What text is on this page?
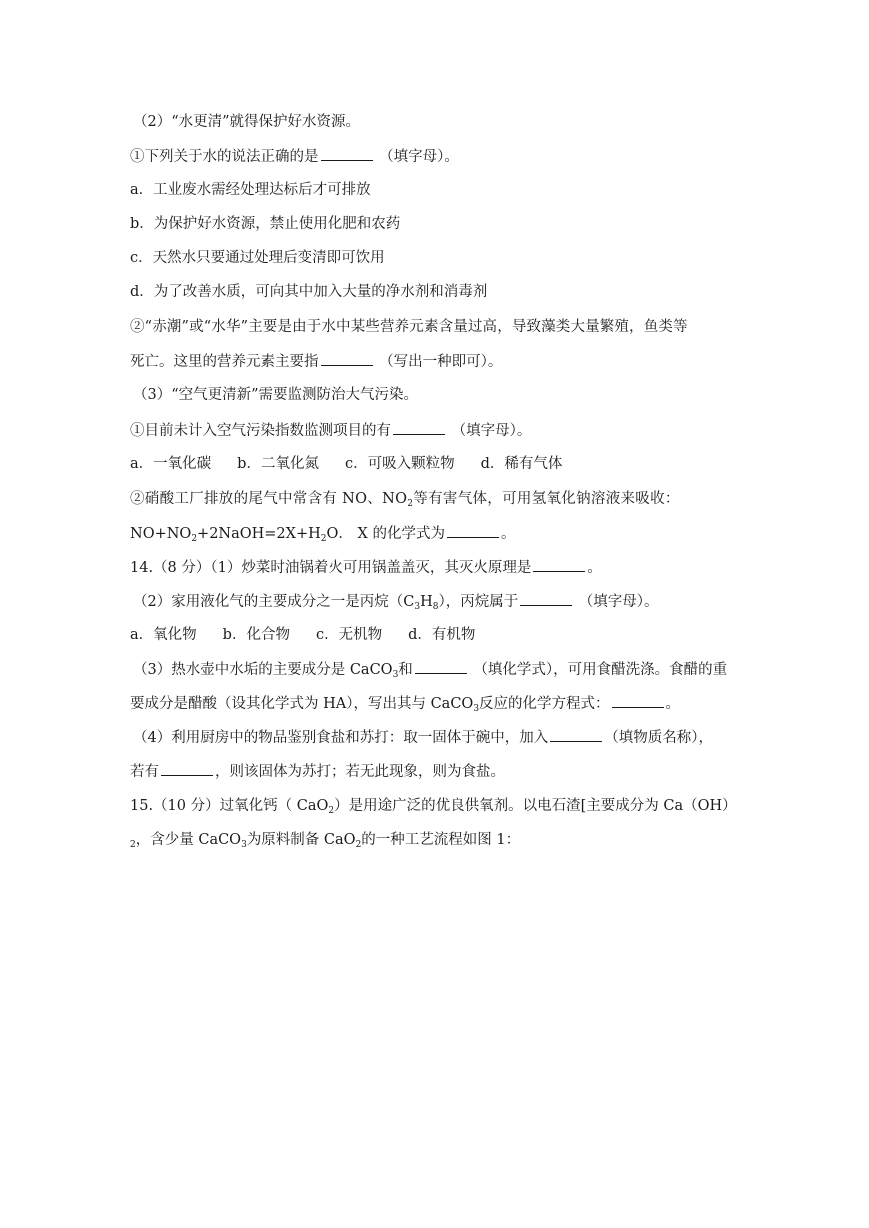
（2）“水更清”就得保护好水资源。
①下列关于水的说法正确的是	（填字母）。
a．工业废水需经处理达标后才可排放
b．为保护好水资源，禁止使用化肥和农药
c．天然水只要通过处理后变清即可饮用
d．为了改善水质，可向其中加入大量的净水剂和消毒剂
②“赤潮”或“水华”主要是由于水中某些营养元素含量过高，导致藻类大量繁殖，鱼类等
死亡。这里的营养元素主要指	（写出一种即可）。
（3）“空气更清新”需要监测防治大气污染。
①目前未计入空气污染指数监测项目的有	（填字母）。
a．一氧化碳 b．二氧化氮 c．可吸入颗粒物 d．稀有气体
②硝酸工厂排放的尾气中常含有 NO、$NO_2$等有害气体，可用氢氧化钠溶液来吸收：
$NO+NO_2+2NaOH=2X+H_2O$． X 的化学式为	。
14.（8 分）（1）炒菜时油锅着火可用锅盖盖灭，其灭火原理是	。
（2）家用液化气的主要成分之一是丙烷$(C_3H_8)$，丙烷属于	（填字母）。
a．氧化物 b．化合物 c．无机物 d．有机物
（3）热水壶中水垢的主要成分是 CaCO$_3$和	（填化学式），可用食醋洗涤。食醋的重
要成分是醋酸（设其化学式为 HA），写出其与 CaCO$_3$反应的化学方程式：	。
（4）利用厨房中的物品鉴别食盐和苏打：取一固体于碗中，加入	（填物质名称），
若有	，则该固体为苏打；若无此现象，则为食盐。
15.（10 分）过氧化钙（ CaO$_2$）是用途广泛的优良供氧剂。以电石渣[主要成分为 Ca（OH）
$_2$，含少量 CaCO$_3$为原料制备 CaO$_2$的一种工艺流程如图 1：
